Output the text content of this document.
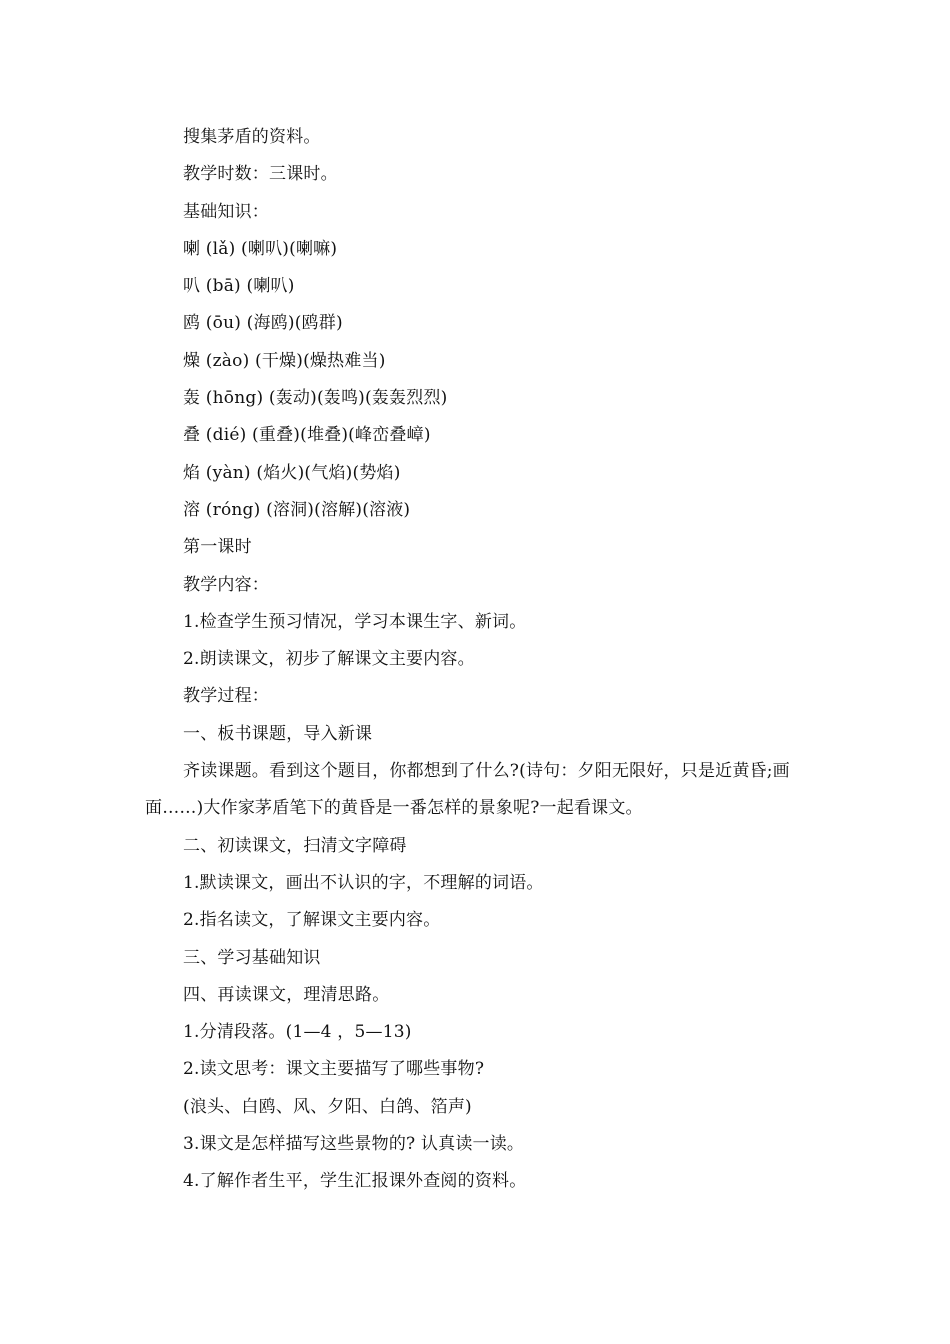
搜集茅盾的资料。

教学时数：三课时。

基础知识：

喇 (lǎ) (喇叭)(喇嘛)

叭 (bā) (喇叭)

鸥 (ōu) (海鸥)(鸥群)

燥 (zào) (干燥)(燥热难当)

轰 (hōng) (轰动)(轰鸣)(轰轰烈烈)

叠 (dié) (重叠)(堆叠)(峰峦叠嶂)

焰 (yàn) (焰火)(气焰)(势焰)

溶 (róng) (溶洞)(溶解)(溶液)

第一课时

教学内容：

1.检查学生预习情况，学习本课生字、新词。

2.朗读课文，初步了解课文主要内容。

教学过程：

一、板书课题，导入新课

齐读课题。看到这个题目，你都想到了什么?(诗句：夕阳无限好，只是近黄昏;画面……)大作家茅盾笔下的黄昏是一番怎样的景象呢?一起看课文。

二、初读课文，扫清文字障碍

1.默读课文，画出不认识的字，不理解的词语。

2.指名读文，了解课文主要内容。

三、学习基础知识

四、再读课文，理清思路。

1.分清段落。(1—4 ，5—13)

2.读文思考：课文主要描写了哪些事物?

(浪头、白鸥、风、夕阳、白鸽、箔声)

3.课文是怎样描写这些景物的? 认真读一读。

4.了解作者生平，学生汇报课外查阅的资料。
